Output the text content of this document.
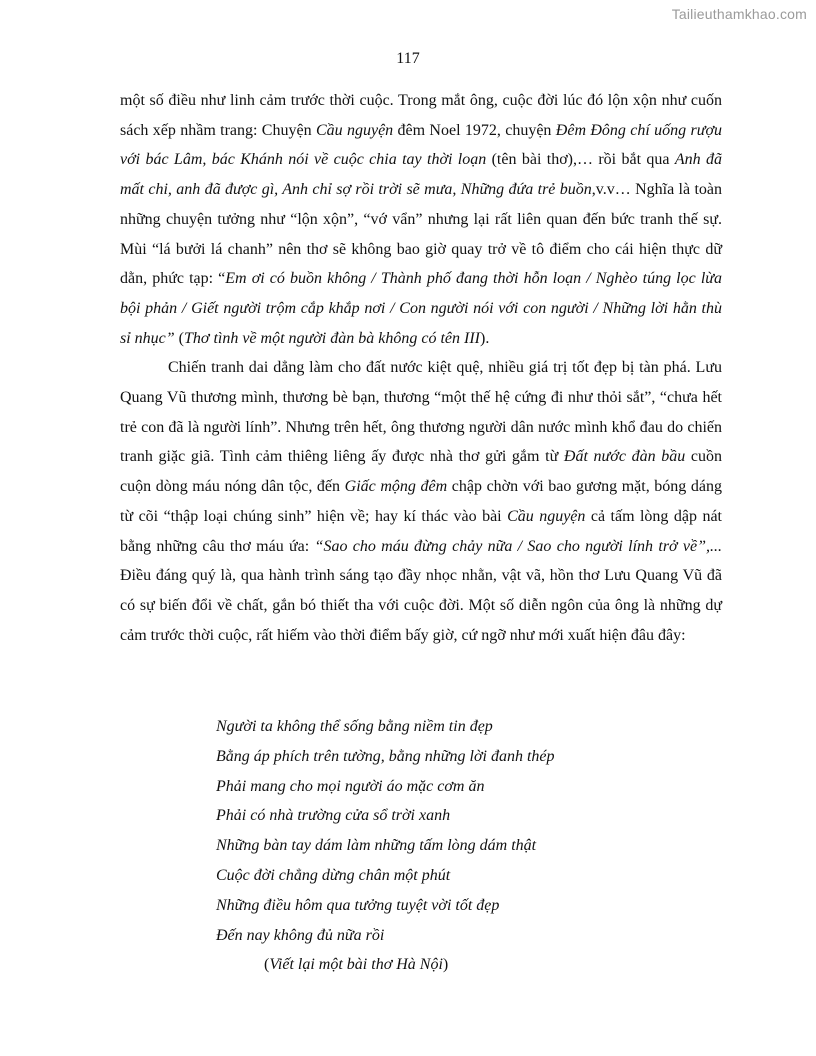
Tailieuthamkhao.com
117

một số điều như linh cảm trước thời cuộc. Trong mắt ông, cuộc đời lúc đó lộn xộn như cuốn sách xếp nhầm trang: Chuyện Cầu nguyện đêm Noel 1972, chuyện Đêm Đông chí uống rượu với bác Lâm, bác Khánh nói về cuộc chia tay thời loạn (tên bài thơ),… rồi bắt qua Anh đã mất chi, anh đã được gì, Anh chỉ sợ rồi trời sẽ mưa, Những đứa trẻ buồn,v.v… Nghĩa là toàn những chuyện tưởng như “lộn xộn”, “vớ vẩn” nhưng lại rất liên quan đến bức tranh thế sự. Mùi “lá bưởi lá chanh” nên thơ sẽ không bao giờ quay trở về tô điểm cho cái hiện thực dữ dằn, phức tạp: “Em ơi có buồn không / Thành phố đang thời hỗn loạn / Nghèo túng lọc lừa bội phản / Giết người trộm cắp khắp nơi / Con người nói với con người / Những lời hằn thù sỉ nhục” (Thơ tình về một người đàn bà không có tên III).

Chiến tranh dai dẳng làm cho đất nước kiệt quệ, nhiều giá trị tốt đẹp bị tàn phá. Lưu Quang Vũ thương mình, thương bè bạn, thương “một thế hệ cứng đi như thỏi sắt”, “chưa hết trẻ con đã là người lính”. Nhưng trên hết, ông thương người dân nước mình khổ đau do chiến tranh giặc giã. Tình cảm thiêng liêng ấy được nhà thơ gửi gắm từ Đất nước đàn bầu cuồn cuộn dòng máu nóng dân tộc, đến Giấc mộng đêm chập chờn với bao gương mặt, bóng dáng từ cõi “thập loại chúng sinh” hiện về; hay kí thác vào bài Cầu nguyện cả tấm lòng dập nát bằng những câu thơ máu ứa: “Sao cho máu đừng chảy nữa / Sao cho người lính trở về”,... Điều đáng quý là, qua hành trình sáng tạo đầy nhọc nhằn, vật vã, hồn thơ Lưu Quang Vũ đã có sự biến đổi về chất, gắn bó thiết tha với cuộc đời. Một số diễn ngôn của ông là những dự cảm trước thời cuộc, rất hiếm vào thời điểm bấy giờ, cứ ngỡ như mới xuất hiện đâu đây:

Người ta không thể sống bằng niềm tin đẹp
Bằng áp phích trên tường, bằng những lời đanh thép
Phải mang cho mọi người áo mặc cơm ăn
Phải có nhà trường cửa sổ trời xanh
Những bàn tay dám làm những tấm lòng dám thật
Cuộc đời chẳng dừng chân một phút
Những điều hôm qua tưởng tuyệt vời tốt đẹp
Đến nay không đủ nữa rồi
(Viết lại một bài thơ Hà Nội)
